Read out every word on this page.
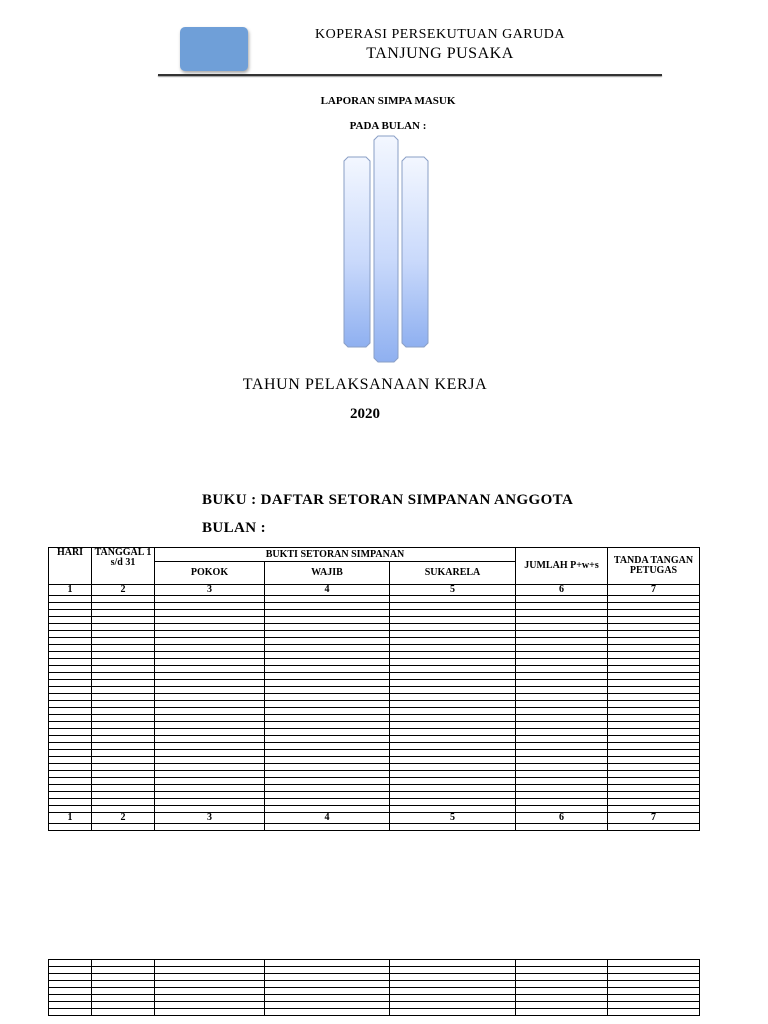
KOPERASI PERSEKUTUAN GARUDA
TANJUNG PUSAKA
LAPORAN SIMPA MASUK
PADA BULAN :
TAHUN PELAKSANAAN KERJA
2020
BUKU : DAFTAR SETORAN SIMPANAN ANGGOTA
BULAN :
HARI	TANGGAL 1 s/d 31	BUKTI SETORAN SIMPANAN			JUMLAH P+w+s	TANDA TANGAN PETUGAS
		POKOK	WAJIB	SUKARELA		
1	2	3	4	5	6	7

1	2	3	4	5	6	7
